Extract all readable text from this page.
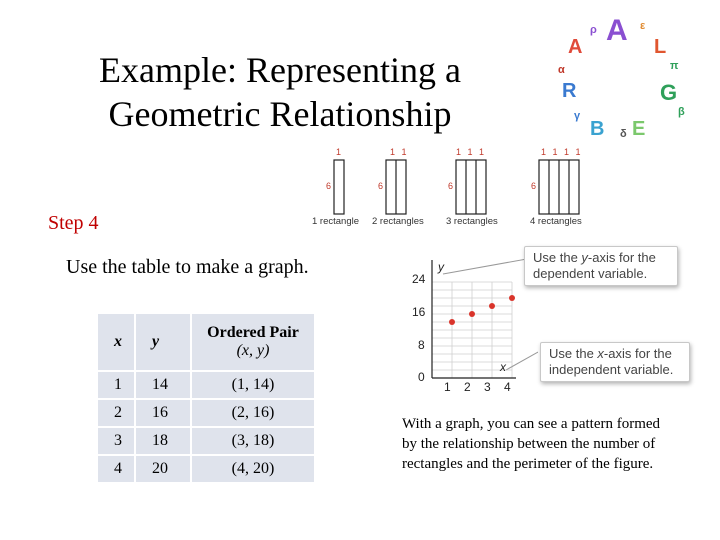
Example: Representing a
Geometric Relationship
A A L
G
E
B
R
ρ	ε
α	π
γ	β
δ
1	1 1	1 1 1	1 1 1 1
6	6	6	6
1 rectangle 2 rectangles 3 rectangles	4 rectangles
Step 4
Use the table to make a graph.
x	y	Ordered Pair
(x, y)

1	14	(1, 14)
2	16	(2, 16)
3	18	(3, 18)
4	20	(4, 20)
y
x
24
16
8
0
1 2 3 4
Use the y-axis for the
dependent variable.
Use the x-axis for the
independent variable.
With a graph, you can see a pattern formed by the relationship between the number of rectangles and the perimeter of the figure.
